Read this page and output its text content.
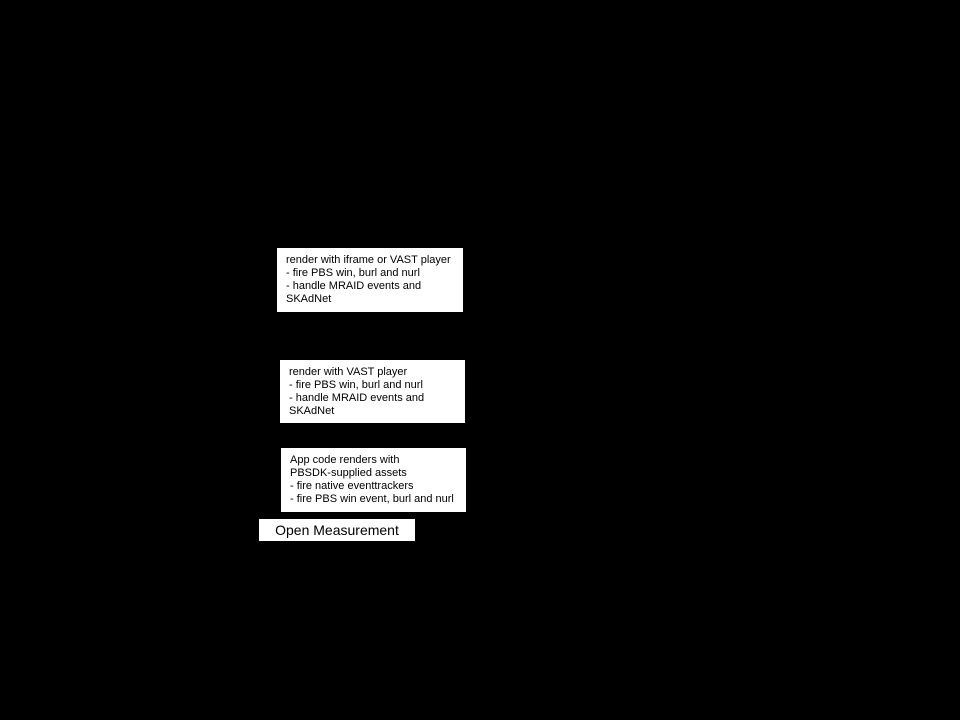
render with iframe or VAST player
- fire PBS win, burl and nurl
- handle MRAID events and
SKAdNet
render with VAST player
- fire PBS win, burl and nurl
- handle MRAID events and
SKAdNet
App code renders with
PBSDK-supplied assets
- fire native eventtrackers
- fire PBS win event, burl and nurl
Open Measurement
